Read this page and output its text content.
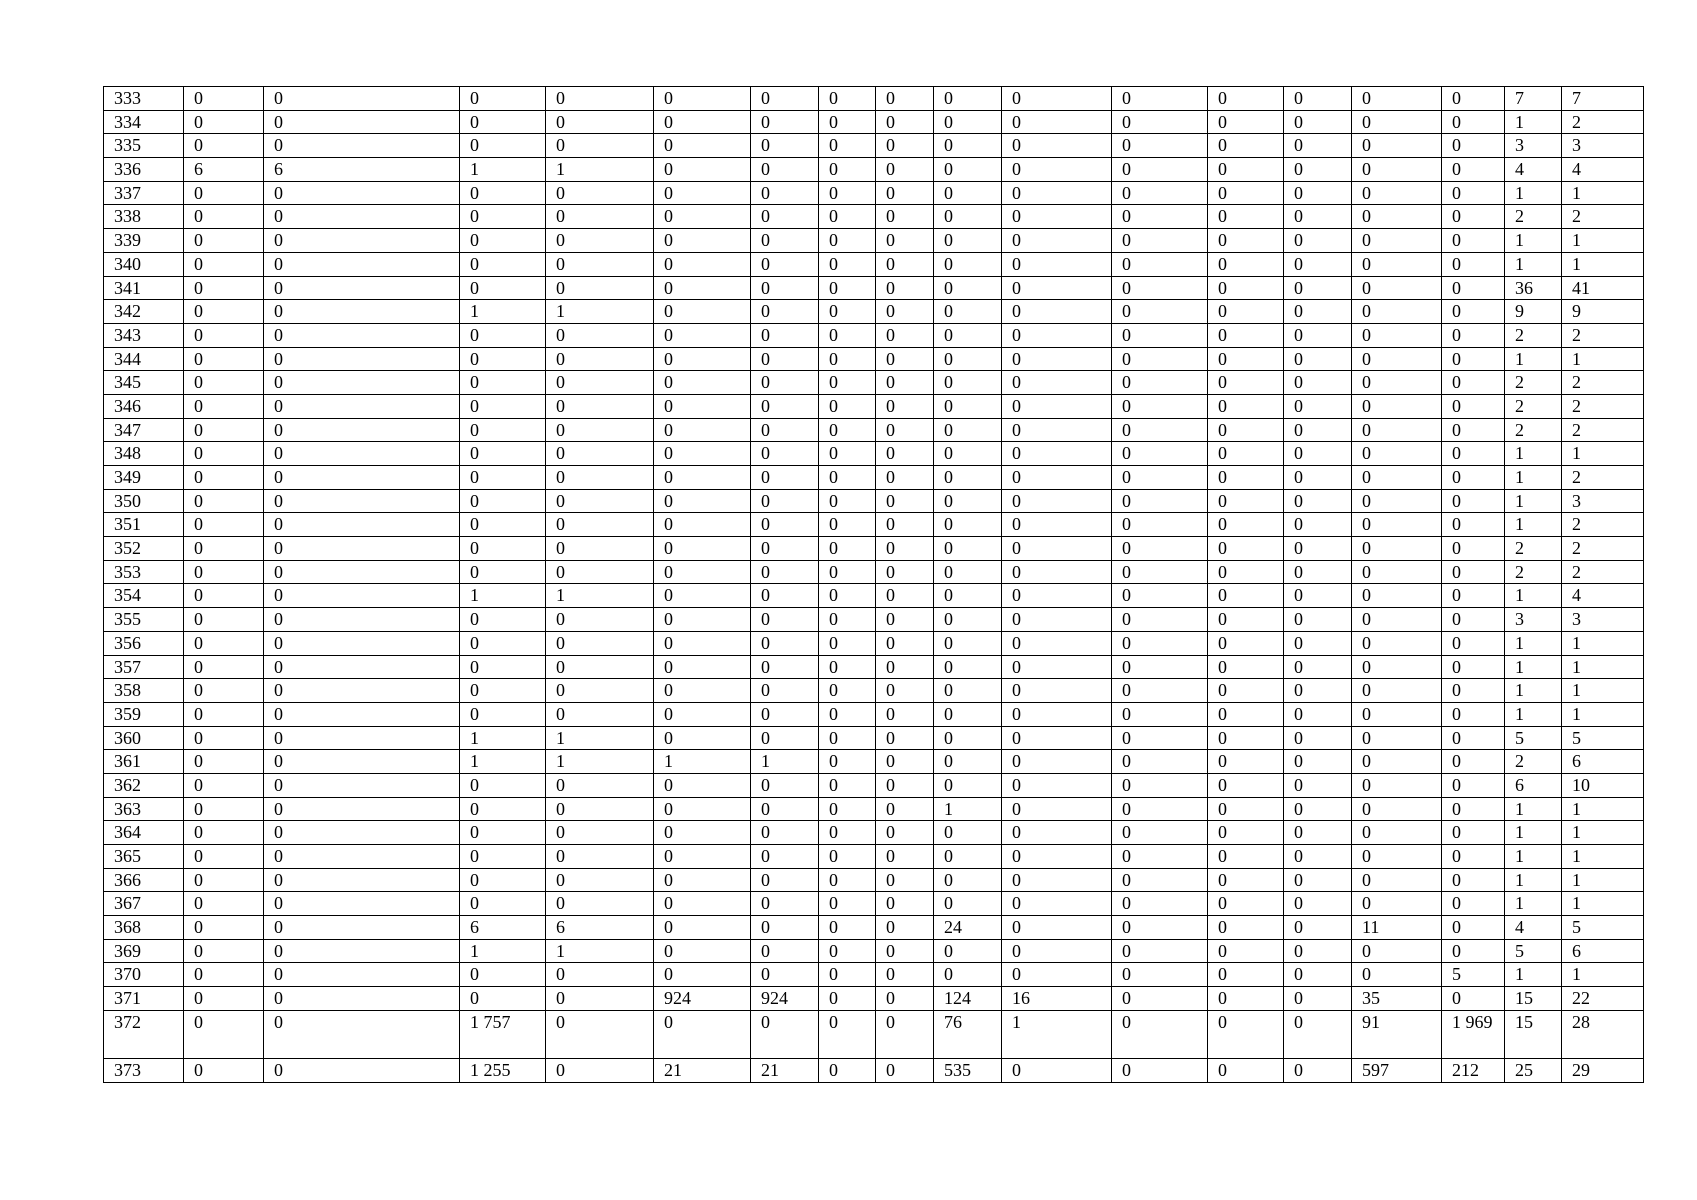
333	0	0	0	0	0	0	0	0	0	0	0	0	0	0	0	7	7
334	0	0	0	0	0	0	0	0	0	0	0	0	0	0	0	1	2
335	0	0	0	0	0	0	0	0	0	0	0	0	0	0	0	3	3
336	6	6	1	1	0	0	0	0	0	0	0	0	0	0	0	4	4
337	0	0	0	0	0	0	0	0	0	0	0	0	0	0	0	1	1
338	0	0	0	0	0	0	0	0	0	0	0	0	0	0	0	2	2
339	0	0	0	0	0	0	0	0	0	0	0	0	0	0	0	1	1
340	0	0	0	0	0	0	0	0	0	0	0	0	0	0	0	1	1
341	0	0	0	0	0	0	0	0	0	0	0	0	0	0	0	36	41
342	0	0	1	1	0	0	0	0	0	0	0	0	0	0	0	9	9
343	0	0	0	0	0	0	0	0	0	0	0	0	0	0	0	2	2
344	0	0	0	0	0	0	0	0	0	0	0	0	0	0	0	1	1
345	0	0	0	0	0	0	0	0	0	0	0	0	0	0	0	2	2
346	0	0	0	0	0	0	0	0	0	0	0	0	0	0	0	2	2
347	0	0	0	0	0	0	0	0	0	0	0	0	0	0	0	2	2
348	0	0	0	0	0	0	0	0	0	0	0	0	0	0	0	1	1
349	0	0	0	0	0	0	0	0	0	0	0	0	0	0	0	1	2
350	0	0	0	0	0	0	0	0	0	0	0	0	0	0	0	1	3
351	0	0	0	0	0	0	0	0	0	0	0	0	0	0	0	1	2
352	0	0	0	0	0	0	0	0	0	0	0	0	0	0	0	2	2
353	0	0	0	0	0	0	0	0	0	0	0	0	0	0	0	2	2
354	0	0	1	1	0	0	0	0	0	0	0	0	0	0	0	1	4
355	0	0	0	0	0	0	0	0	0	0	0	0	0	0	0	3	3
356	0	0	0	0	0	0	0	0	0	0	0	0	0	0	0	1	1
357	0	0	0	0	0	0	0	0	0	0	0	0	0	0	0	1	1
358	0	0	0	0	0	0	0	0	0	0	0	0	0	0	0	1	1
359	0	0	0	0	0	0	0	0	0	0	0	0	0	0	0	1	1
360	0	0	1	1	0	0	0	0	0	0	0	0	0	0	0	5	5
361	0	0	1	1	1	1	0	0	0	0	0	0	0	0	0	2	6
362	0	0	0	0	0	0	0	0	0	0	0	0	0	0	0	6	10
363	0	0	0	0	0	0	0	0	1	0	0	0	0	0	0	1	1
364	0	0	0	0	0	0	0	0	0	0	0	0	0	0	0	1	1
365	0	0	0	0	0	0	0	0	0	0	0	0	0	0	0	1	1
366	0	0	0	0	0	0	0	0	0	0	0	0	0	0	0	1	1
367	0	0	0	0	0	0	0	0	0	0	0	0	0	0	0	1	1
368	0	0	6	6	0	0	0	0	24	0	0	0	0	11	0	4	5
369	0	0	1	1	0	0	0	0	0	0	0	0	0	0	0	5	6
370	0	0	0	0	0	0	0	0	0	0	0	0	0	0	5	1	1
371	0	0	0	0	924	924	0	0	124	16	0	0	0	35	0	15	22
372	0	0	1 757	0	0	0	0	0	76	1	0	0	0	91	1 969	15	28
373	0	0	1 255	0	21	21	0	0	535	0	0	0	0	597	212	25	29
